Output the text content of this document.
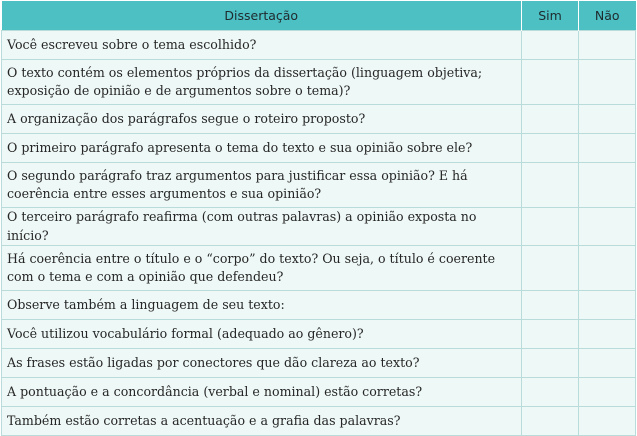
Dissertação	Sim	Não
Você escreveu sobre o tema escolhido?		
O texto contém os elementos próprios da dissertação (linguagem objetiva; exposição de opinião e de argumentos sobre o tema)?		
A organização dos parágrafos segue o roteiro proposto?		
O primeiro parágrafo apresenta o tema do texto e sua opinião sobre ele?		
O segundo parágrafo traz argumentos para justificar essa opinião? E há coerência entre esses argumentos e sua opinião?		
O terceiro parágrafo reafirma (com outras palavras) a opinião exposta no início?		
Há coerência entre o título e o “corpo” do texto? Ou seja, o título é coerente com o tema e com a opinião que defendeu?		
Observe também a linguagem de seu texto:		
Você utilizou vocabulário formal (adequado ao gênero)?		
As frases estão ligadas por conectores que dão clareza ao texto?		
A pontuação e a concordância (verbal e nominal) estão corretas?		
Também estão corretas a acentuação e a grafia das palavras?		
